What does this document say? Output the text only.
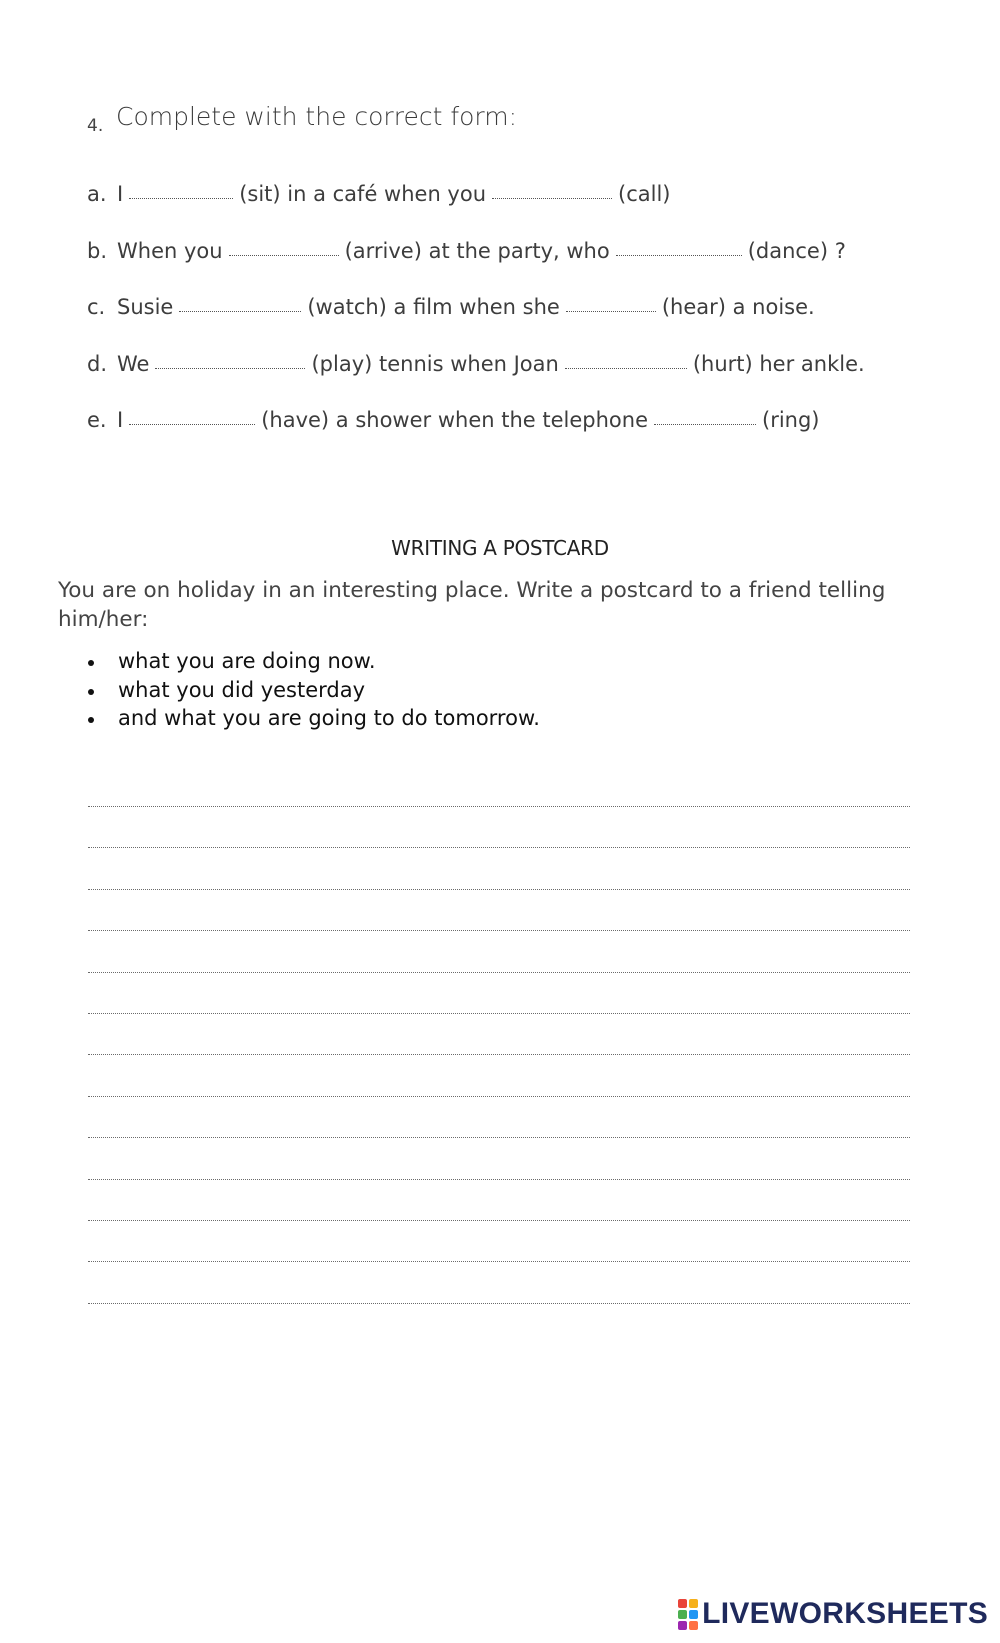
4. Complete with the correct form:
a. I	(sit) in a café when you	(call)
b. When you	(arrive) at the party, who	(dance) ?
c. Susie	(watch) a film when she	(hear) a noise.
d. We	(play) tennis when Joan	(hurt) her ankle.
e. I	(have) a shower when the telephone	(ring)
WRITING A POSTCARD
You are on holiday in an interesting place. Write a postcard to a friend telling him/her:
what you are doing now.
what you did yesterday
and what you are going to do tomorrow.
LIVEWORKSHEETS
